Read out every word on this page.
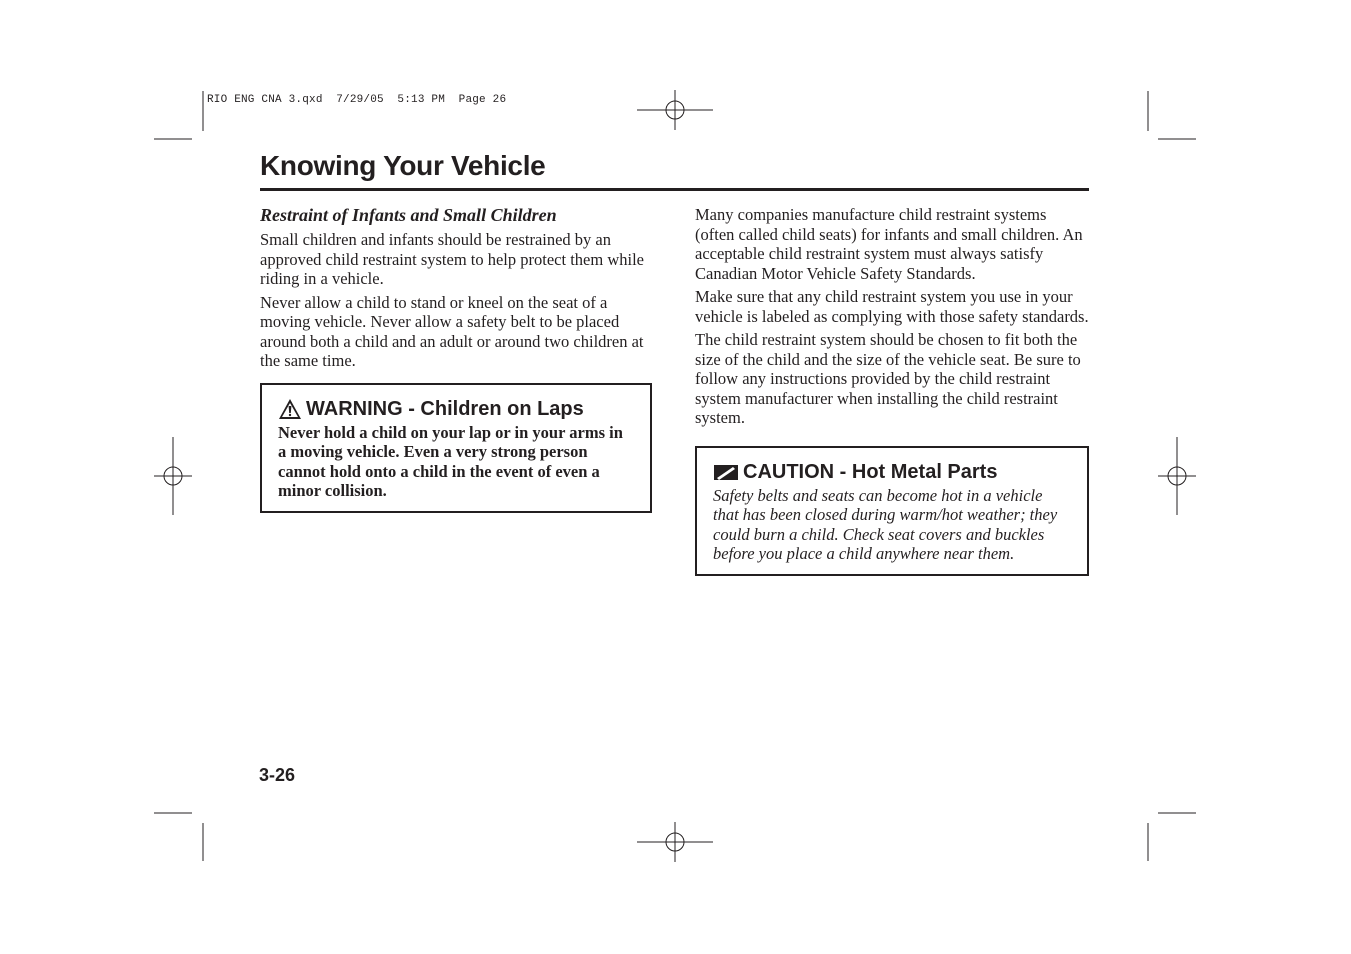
RIO ENG CNA 3.qxd  7/29/05  5:13 PM  Page 26
Knowing Your Vehicle
Restraint of Infants and Small Children

Small children and infants should be restrained by an approved child restraint system to help protect them while riding in a vehicle.

Never allow a child to stand or kneel on the seat of a moving vehicle. Never allow a safety belt to be placed around both a child and an adult or around two children at the same time.

WARNING - Children on Laps
Never hold a child on your lap or in your arms in a moving vehicle. Even a very strong person cannot hold onto a child in the event of even a minor collision.

Many companies manufacture child restraint systems (often called child seats) for infants and small children. An acceptable child restraint system must always satisfy Canadian Motor Vehicle Safety Standards.

Make sure that any child restraint system you use in your vehicle is labeled as complying with those safety standards.

The child restraint system should be chosen to fit both the size of the child and the size of the vehicle seat. Be sure to follow any instructions provided by the child restraint system manufacturer when installing the child restraint system.

CAUTION - Hot Metal Parts
Safety belts and seats can become hot in a vehicle that has been closed during warm/hot weather; they could burn a child. Check seat covers and buckles before you place a child anywhere near them.
3-26
